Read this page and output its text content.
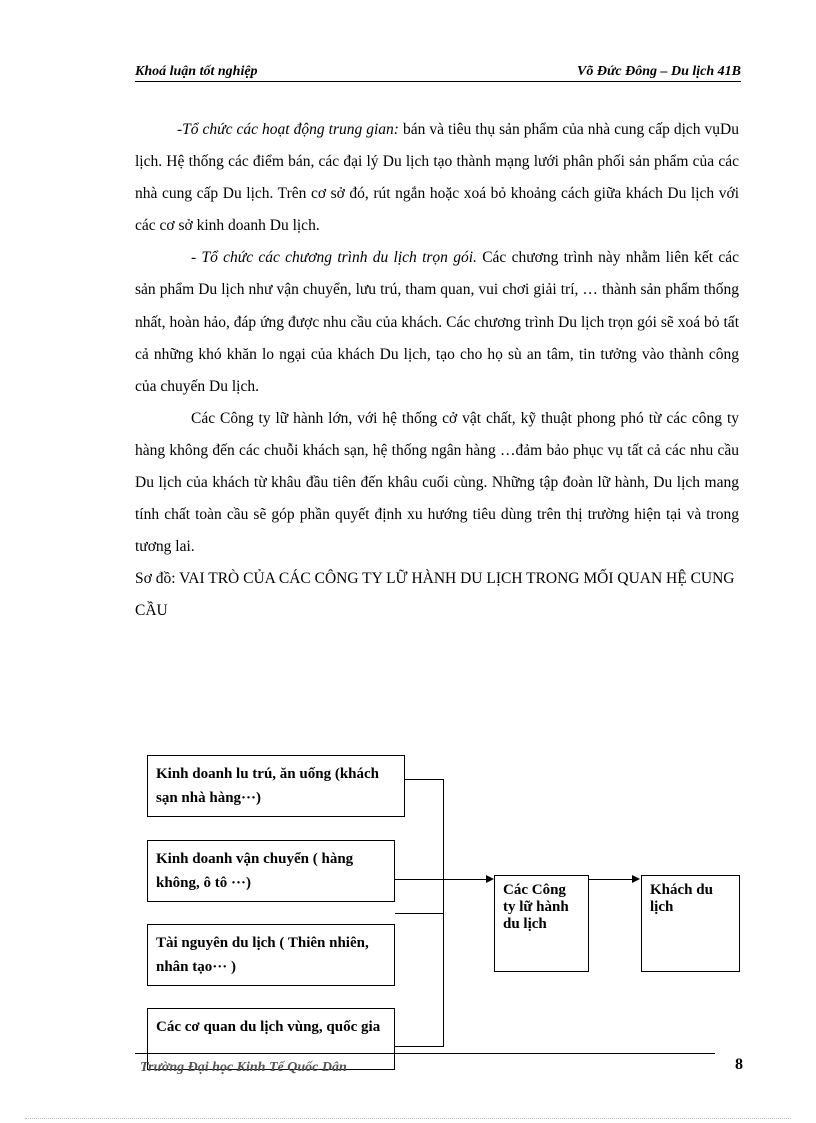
Khoá luận tốt nghiệp	Võ Đức Đông – Du lịch 41B

-Tổ chức các hoạt động trung gian: bán và tiêu thụ sản phẩm của nhà cung cấp dịch vụDu lịch. Hệ thống các điểm bán, các đại lý Du lịch tạo thành mạng lưới phân phối sản phẩm của các nhà cung cấp Du lịch. Trên cơ sở đó, rút ngắn hoặc xoá bỏ khoảng cách giữa khách Du lịch với các cơ sở kinh doanh Du lịch.

- Tổ chức các chương trình du lịch trọn gói. Các chương trình này nhằm liên kết các sản phẩm Du lịch như vận chuyển, lưu trú, tham quan, vui chơi giải trí, … thành sản phẩm thống nhất, hoàn hảo, đáp ứng được nhu cầu của khách. Các chương trình Du lịch trọn gói sẽ xoá bỏ tất cả những khó khăn lo ngại của khách Du lịch, tạo cho họ sù an tâm, tin tưởng vào thành công của chuyến Du lịch.

Các Công ty lữ hành lớn, với hệ thống cở vật chất, kỹ thuật phong phó từ các công ty hàng không đến các chuỗi khách sạn, hệ thống ngân hàng …đảm bảo phục vụ tất cả các nhu cầu Du lịch của khách từ khâu đầu tiên đến khâu cuối cùng. Những tập đoàn lữ hành, Du lịch mang tính chất toàn cầu sẽ góp phần quyết định xu hướng tiêu dùng trên thị trường hiện tại và trong tương lai.

Sơ đồ: VAI TRÒ CỦA CÁC CÔNG TY LỮ HÀNH DU LỊCH TRONG MỐI QUAN HỆ CUNG CẦU

Kinh doanh lu trú, ăn uống (khách sạn nhà hàng···)
Kinh doanh vận chuyển ( hàng không, ô tô ···)
Tài nguyên du lịch ( Thiên nhiên, nhân tạo··· )
Các cơ quan du lịch vùng, quốc gia
Các Công ty lữ hành du lịch
Khách du lịch
Trường Đại học Kinh Tế Quốc Dân	8
